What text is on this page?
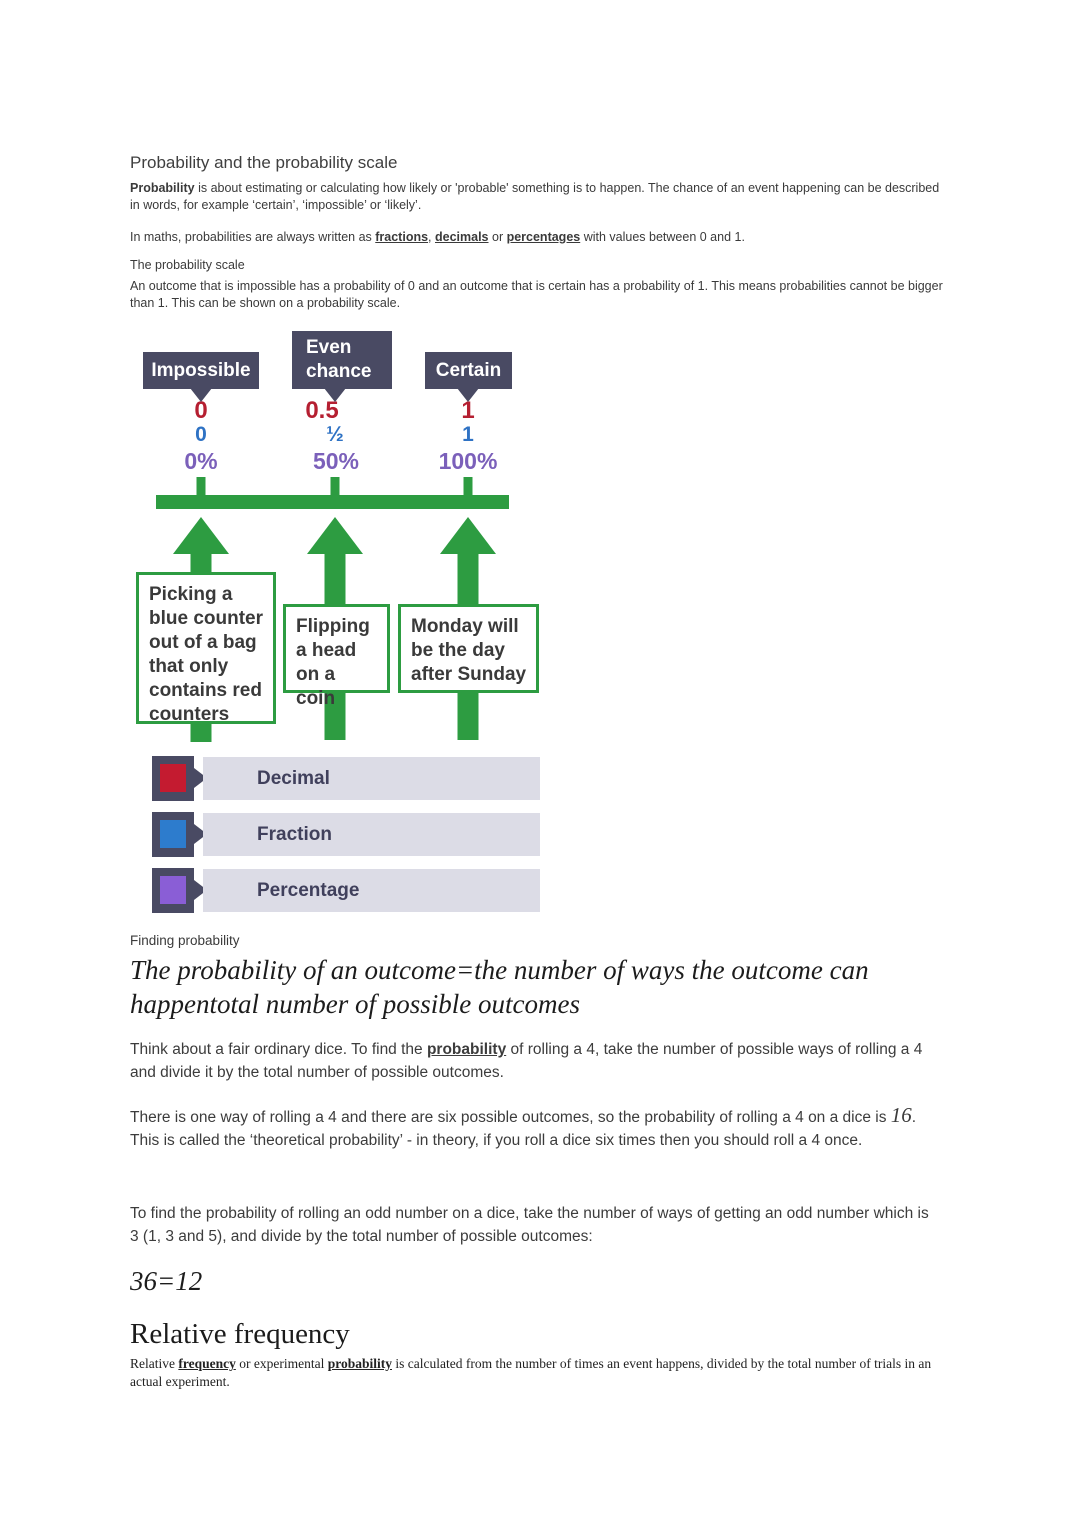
Probability and the probability scale
Probability is about estimating or calculating how likely or 'probable' something is to happen. The chance of an event happening can be described in words, for example ‘certain’, ‘impossible’ or ‘likely’.
In maths, probabilities are always written as fractions, decimals or percentages with values between 0 and 1.
The probability scale
An outcome that is impossible has a probability of 0 and an outcome that is certain has a probability of 1. This means probabilities cannot be bigger than 1. This can be shown on a probability scale.
Impossible
Even chance	Certain
0	0.5	1
0	½	1
0%	50%	100%
Picking a blue counter out of a bag that only contains red counters
Flipping a head on a coin
Monday will be the day after Sunday
Decimal
Fraction
Percentage
Finding probability
The probability of an outcome=the number of ways the outcome can happentotal number of possible outcomes
Think about a fair ordinary dice. To find the probability of rolling a 4, take the number of possible ways of rolling a 4 and divide it by the total number of possible outcomes.
There is one way of rolling a 4 and there are six possible outcomes, so the probability of rolling a 4 on a dice is 16. This is called the ‘theoretical probability’ - in theory, if you roll a dice six times then you should roll a 4 once.
To find the probability of rolling an odd number on a dice, take the number of ways of getting an odd number which is 3 (1, 3 and 5), and divide by the total number of possible outcomes:
36=12
Relative frequency
Relative frequency or experimental probability is calculated from the number of times an event happens, divided by the total number of trials in an actual experiment.
